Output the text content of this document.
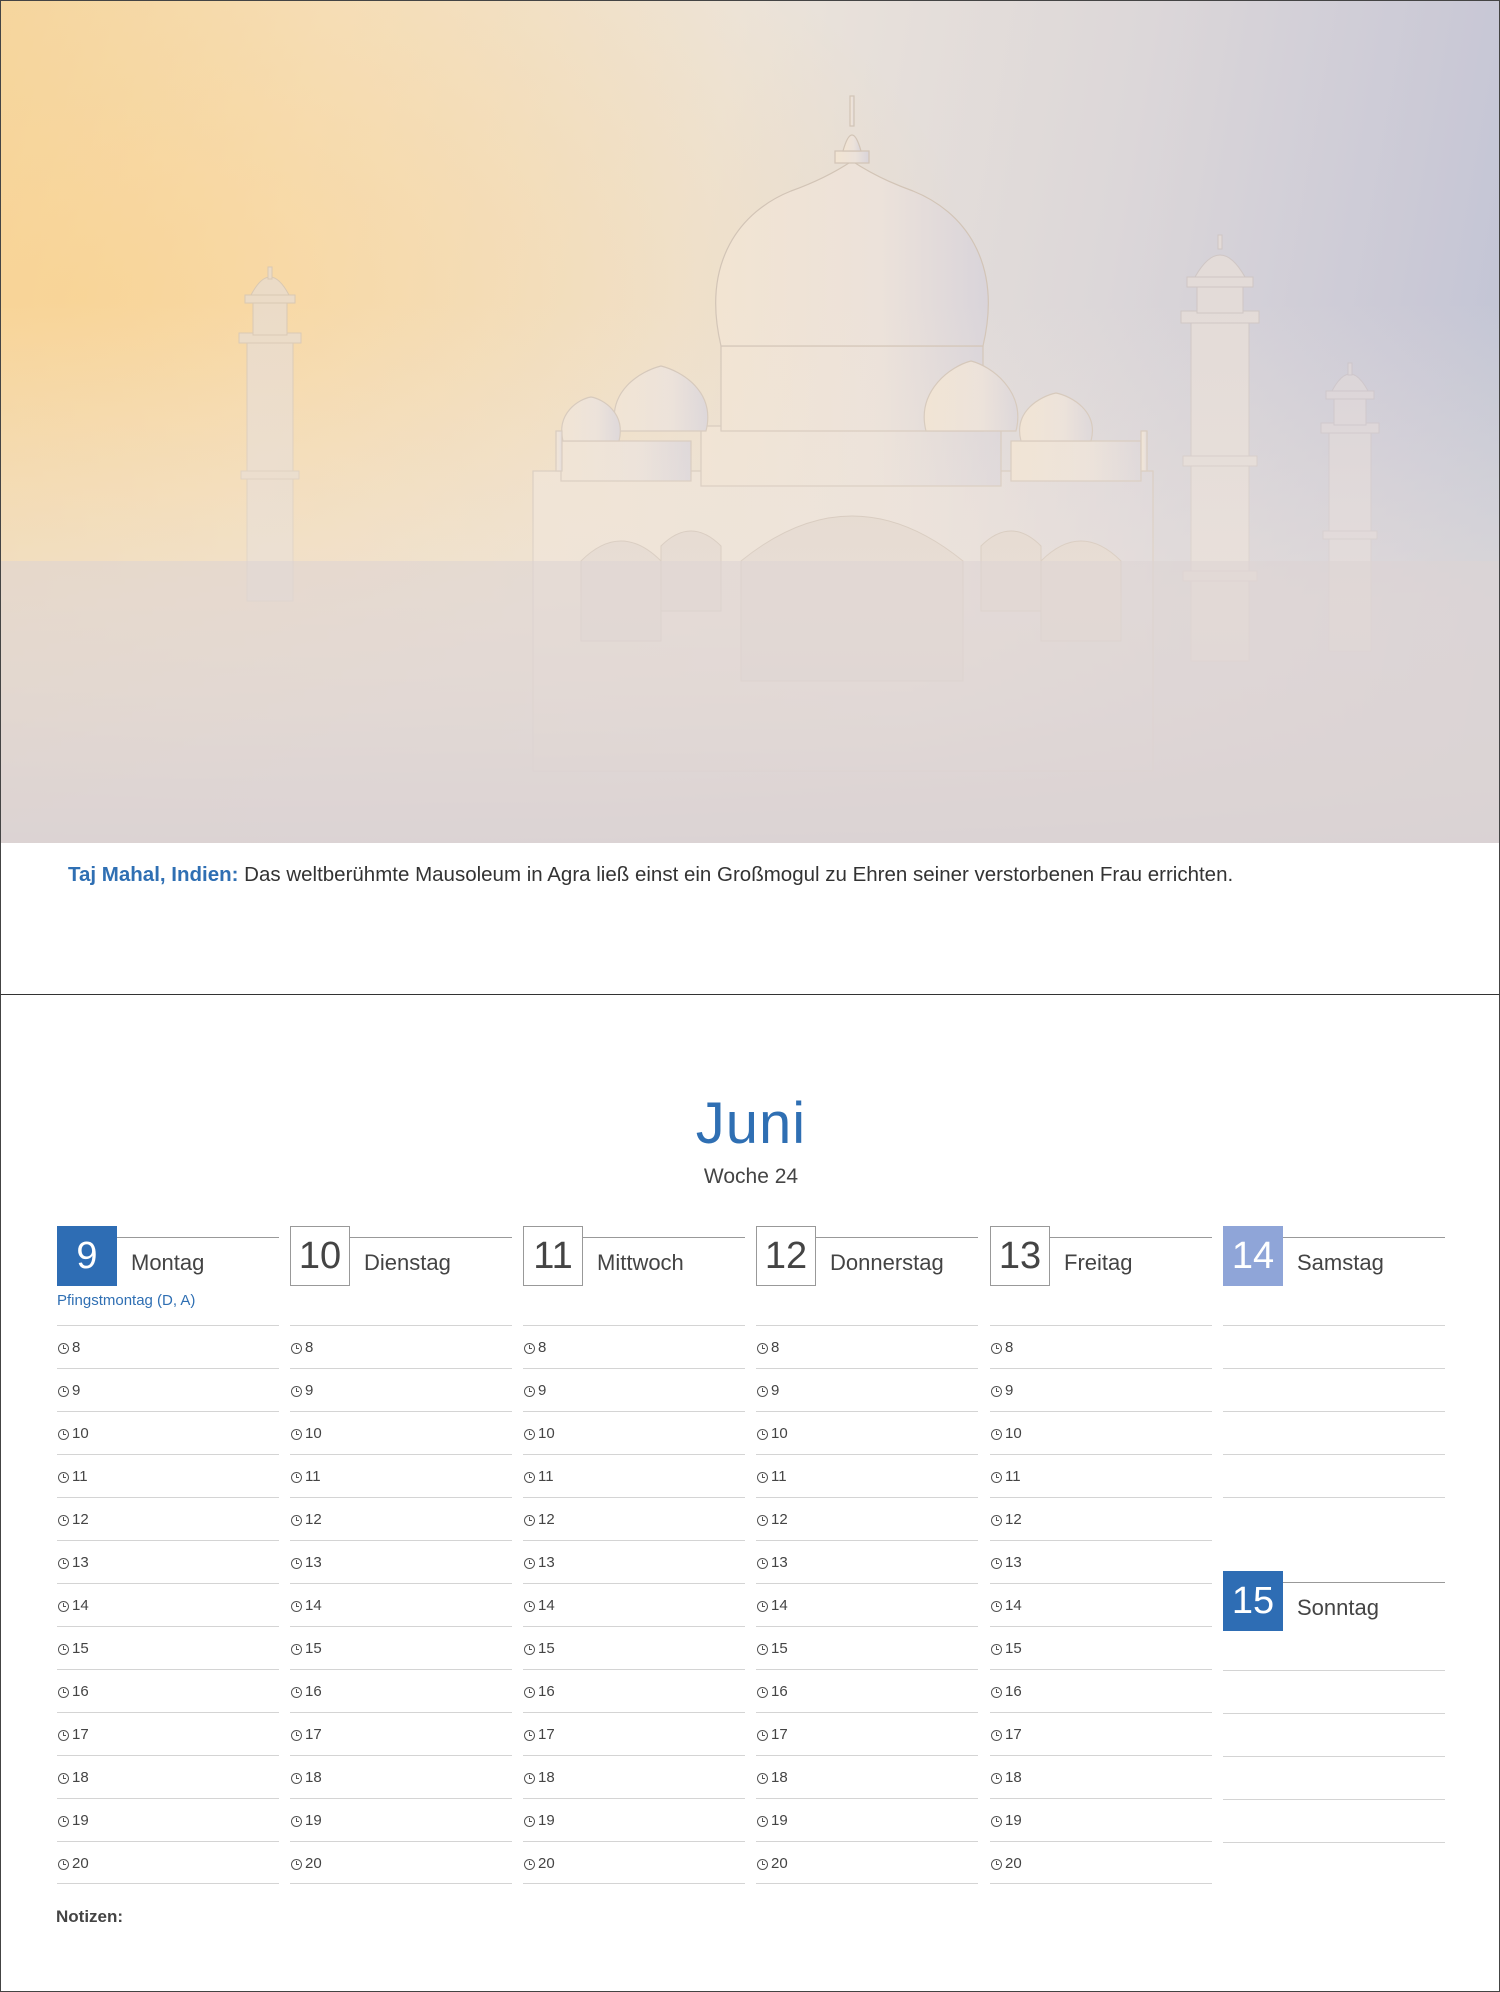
Taj Mahal, Indien: Das weltberühmte Mausoleum in Agra ließ einst ein Großmogul zu Ehren seiner verstorbenen Frau errichten.
Juni
Woche 24
9	Montag
Pfingstmontag (D, A)
8
9
10
11
12
13
14
15
16
17
18
19
20
10	Dienstag
8
9
10
11
12
13
14
15
16
17
18
19
20
11	Mittwoch
8
9
10
11
12
13
14
15
16
17
18
19
20
12	Donnerstag
8
9
10
11
12
13
14
15
16
17
18
19
20
13	Freitag
8
9
10
11
12
13
14
15
16
17
18
19
20
14	Samstag
15	Sonntag
Notizen:
